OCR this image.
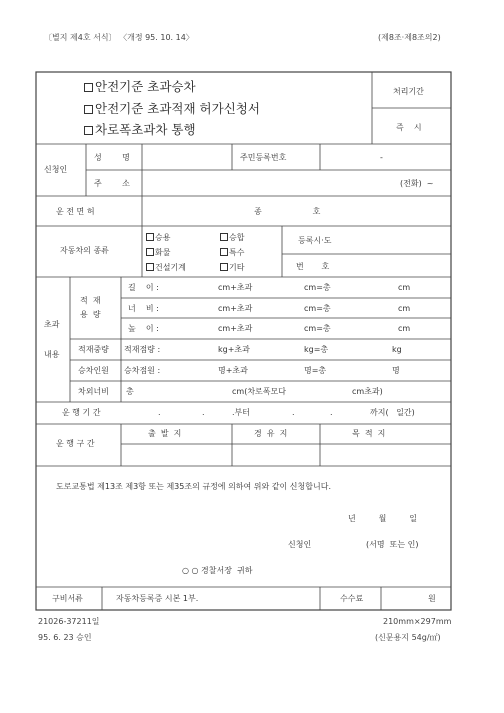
〔별지 제4호 서식〕 〈개정 95. 10. 14〉	(제8조·제8조의2)
안전기준 초과승차
안전기준 초과적재 허가신청서
차로폭초과차 통행
처리기간
즉    시
신청인
성        명	주민등록번호	-
주        소	(전화)  ~
운 전 면 허	종                    호
자동차의 종류
승용	승합
화물	특수
건설기계	기타
등록시·도
번       호
초과
내용
적  재
용  량
길    이 :	cm+초과	cm=총	cm
너    비 :	cm+초과	cm=총	cm
높    이 :	cm+초과	cm=총	cm
적재중량 적재점량 :	kg+초과	kg=총	kg
승차인원 승차점원 :	명+초과	명=총	명
차외너비 총	cm(차로폭모다	cm초과)
운 행 기 간	.	.	.부터	.	.	까지(   일간)
운 행 구 간
출  발  지	경  유  지	목  적  지
도로교통법 제13조 제3항 또는 제35조의 규정에 의하여 위와 같이 신청합니다.
년         월         일
신청인	(서명  또는 인)
○ ○ 경찰서장  귀하
구비서류	자동차등록증 시본 1부.	수수료	원
21026-37211일	210mm×297mm
95. 6. 23 승인	(신문용지 54g/㎡)
